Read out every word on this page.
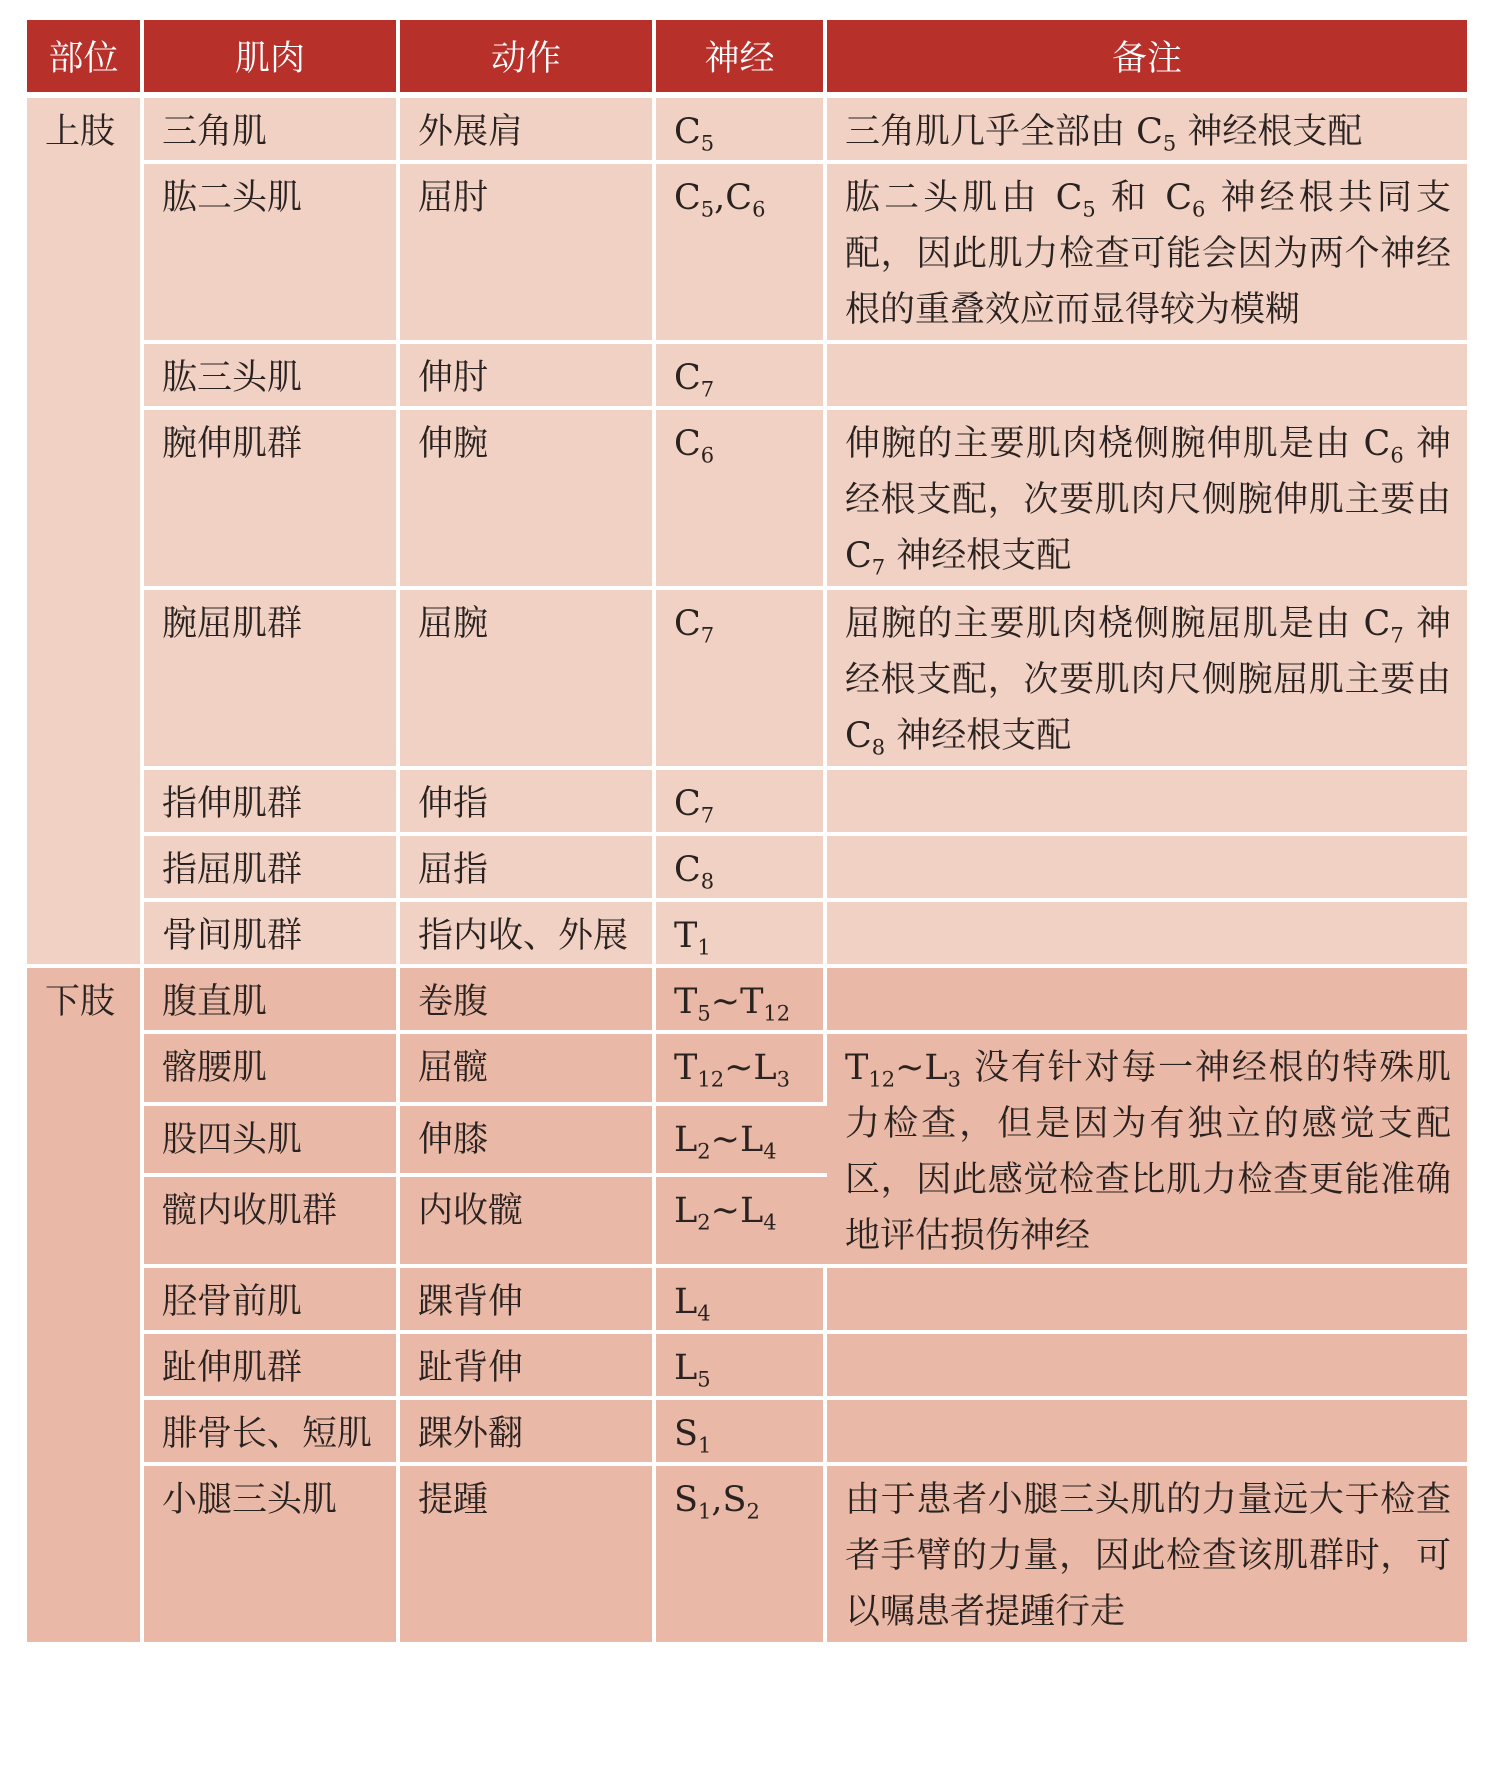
部位	肌肉	动作	神经	备注
上肢	三角肌	外展肩	$C_5$	三角肌几乎全部由 $C_5$ 神经根支配
	肱二头肌	屈肘	$C_5,C_6$	肱二头肌由 $C_5$ 和 $C_6$ 神经根共同支配，因此肌力检查可能会因为两个神经根的重叠效应而显得较为模糊
	肱三头肌	伸肘	$C_7$	
	腕伸肌群	伸腕	$C_6$	伸腕的主要肌肉桡侧腕伸肌是由 $C_6$ 神经根支配，次要肌肉尺侧腕伸肌主要由 $C_7$ 神经根支配
	腕屈肌群	屈腕	$C_7$	屈腕的主要肌肉桡侧腕屈肌是由 $C_7$ 神经根支配，次要肌肉尺侧腕屈肌主要由 $C_8$ 神经根支配
	指伸肌群	伸指	$C_7$	
	指屈肌群	屈指	$C_8$	
	骨间肌群	指内收、外展	$T_1$	
下肢	腹直肌	卷腹	$T_5\sim T_{12}$	
	髂腰肌	屈髋	$T_{12}\sim L_3$	$T_{12}\sim L_3$ 没有针对每一神经根的特殊肌力检查，但是因为有独立的感觉支配区，因此感觉检查比肌力检查更能准确地评估损伤神经
	股四头肌	伸膝	$L_2\sim L_4$
	髋内收肌群	内收髋	$L_2\sim L_4$
	胫骨前肌	踝背伸	$L_4$	
	趾伸肌群	趾背伸	$L_5$	
	腓骨长、短肌	踝外翻	$S_1$	
	小腿三头肌	提踵	$S_1,S_2$	由于患者小腿三头肌的力量远大于检查者手臂的力量，因此检查该肌群时，可以嘱患者提踵行走
